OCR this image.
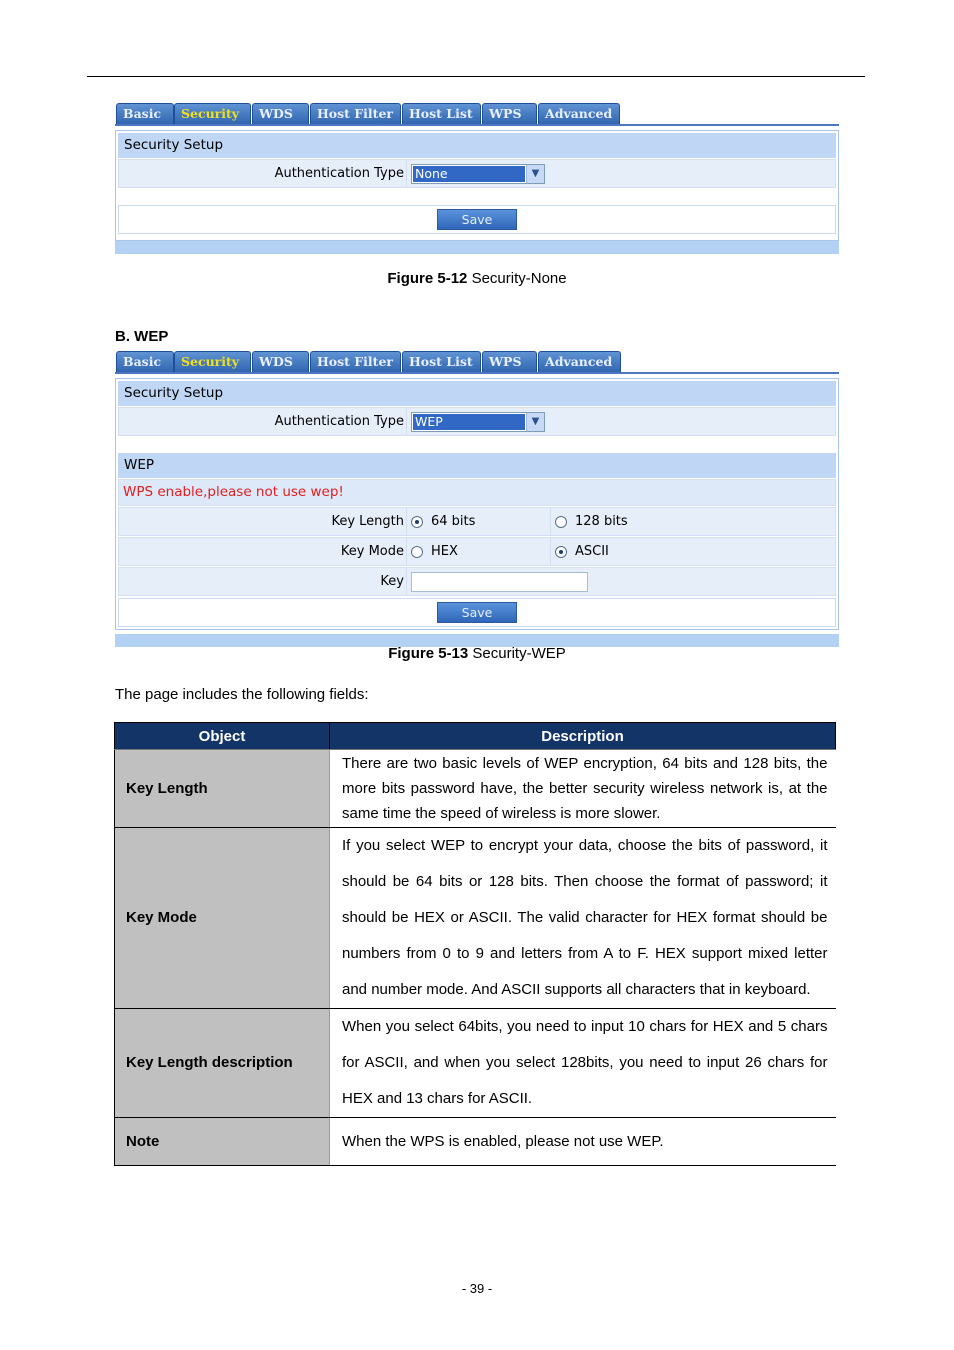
Basic	Security	WDS	Host Filter	Host List	WPS	Advanced
Security Setup
Authentication Type None	▼
Save
Figure 5-12 Security-None
B. WEP
Basic	Security	WDS	Host Filter	Host List	WPS	Advanced
Security Setup
Authentication Type WEP	▼
WEP
WPS enable,please not use wep!
Key Length 64 bits	128 bits
Key Mode HEX	ASCII
Key
Save
Figure 5-13 Security-WEP
The page includes the following fields:
Object	Description
Key Length	There are two basic levels of WEP encryption, 64 bits and 128 bits, the more bits password have, the better security wireless network is, at the same time the speed of wireless is more slower.
Key Mode	If you select WEP to encrypt your data, choose the bits of password, it should be 64 bits or 128 bits. Then choose the format of password; it should be HEX or ASCII. The valid character for HEX format should be numbers from 0 to 9 and letters from A to F. HEX support mixed letter and number mode. And ASCII supports all characters that in keyboard.
Key Length description	When you select 64bits, you need to input 10 chars for HEX and 5 chars for ASCII, and when you select 128bits, you need to input 26 chars for HEX and 13 chars for ASCII.
Note	When the WPS is enabled, please not use WEP.
- 39 -
